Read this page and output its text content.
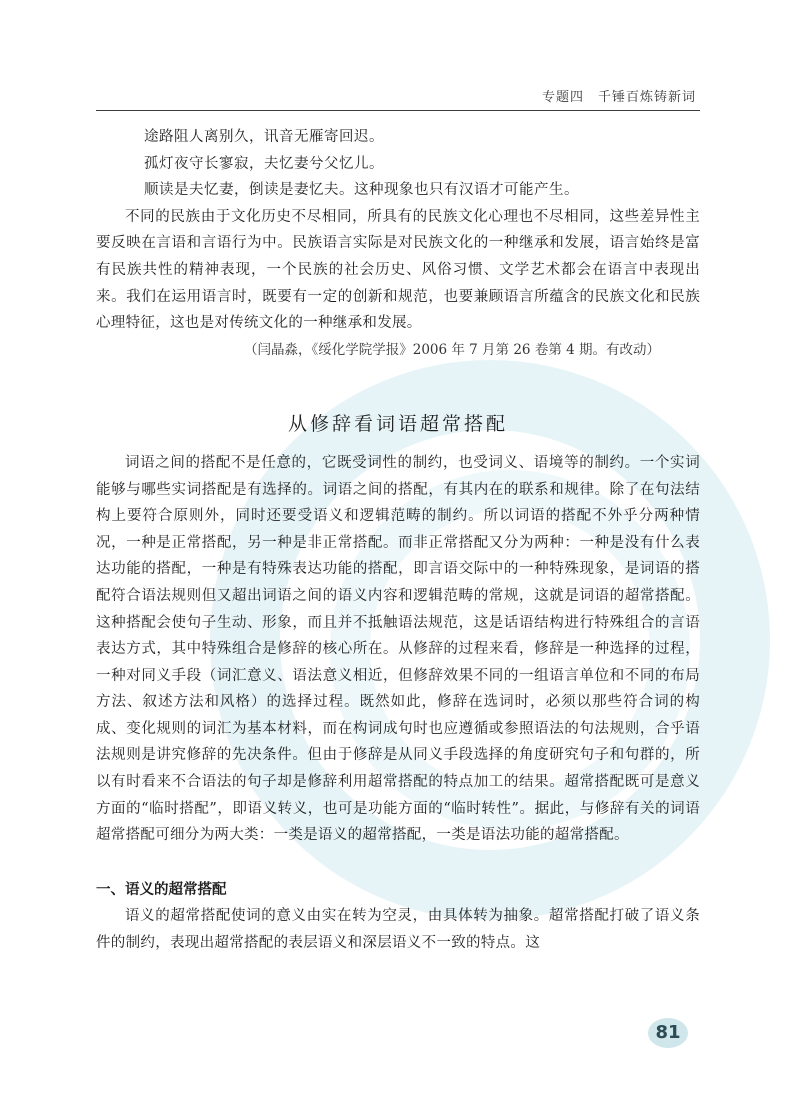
专题四　千锤百炼铸新词

途路阻人离别久，讯音无雁寄回迟。

孤灯夜守长寥寂，夫忆妻兮父忆儿。

顺读是夫忆妻，倒读是妻忆夫。这种现象也只有汉语才可能产生。

不同的民族由于文化历史不尽相同，所具有的民族文化心理也不尽相同，这些差异性主要反映在言语和言语行为中。民族语言实际是对民族文化的一种继承和发展，语言始终是富有民族共性的精神表现，一个民族的社会历史、风俗习惯、文学艺术都会在语言中表现出来。我们在运用语言时，既要有一定的创新和规范，也要兼顾语言所蕴含的民族文化和民族心理特征，这也是对传统文化的一种继承和发展。

（闫晶淼，《绥化学院学报》2006 年 7 月第 26 卷第 4 期。有改动）

从修辞看词语超常搭配

词语之间的搭配不是任意的，它既受词性的制约，也受词义、语境等的制约。一个实词能够与哪些实词搭配是有选择的。词语之间的搭配，有其内在的联系和规律。除了在句法结构上要符合原则外，同时还要受语义和逻辑范畴的制约。所以词语的搭配不外乎分两种情况，一种是正常搭配，另一种是非正常搭配。而非正常搭配又分为两种：一种是没有什么表达功能的搭配，一种是有特殊表达功能的搭配，即言语交际中的一种特殊现象，是词语的搭配符合语法规则但又超出词语之间的语义内容和逻辑范畴的常规，这就是词语的超常搭配。这种搭配会使句子生动、形象，而且并不抵触语法规范，这是话语结构进行特殊组合的言语表达方式，其中特殊组合是修辞的核心所在。从修辞的过程来看，修辞是一种选择的过程，一种对同义手段（词汇意义、语法意义相近，但修辞效果不同的一组语言单位和不同的布局方法、叙述方法和风格）的选择过程。既然如此，修辞在选词时，必须以那些符合词的构成、变化规则的词汇为基本材料，而在构词成句时也应遵循或参照语法的句法规则，合乎语法规则是讲究修辞的先决条件。但由于修辞是从同义手段选择的角度研究句子和句群的，所以有时看来不合语法的句子却是修辞利用超常搭配的特点加工的结果。超常搭配既可是意义方面的“临时搭配”，即语义转义，也可是功能方面的“临时转性”。据此，与修辞有关的词语超常搭配可细分为两大类：一类是语义的超常搭配，一类是语法功能的超常搭配。

一、语义的超常搭配

语义的超常搭配使词的意义由实在转为空灵，由具体转为抽象。超常搭配打破了语义条件的制约，表现出超常搭配的表层语义和深层语义不一致的特点。这

81
